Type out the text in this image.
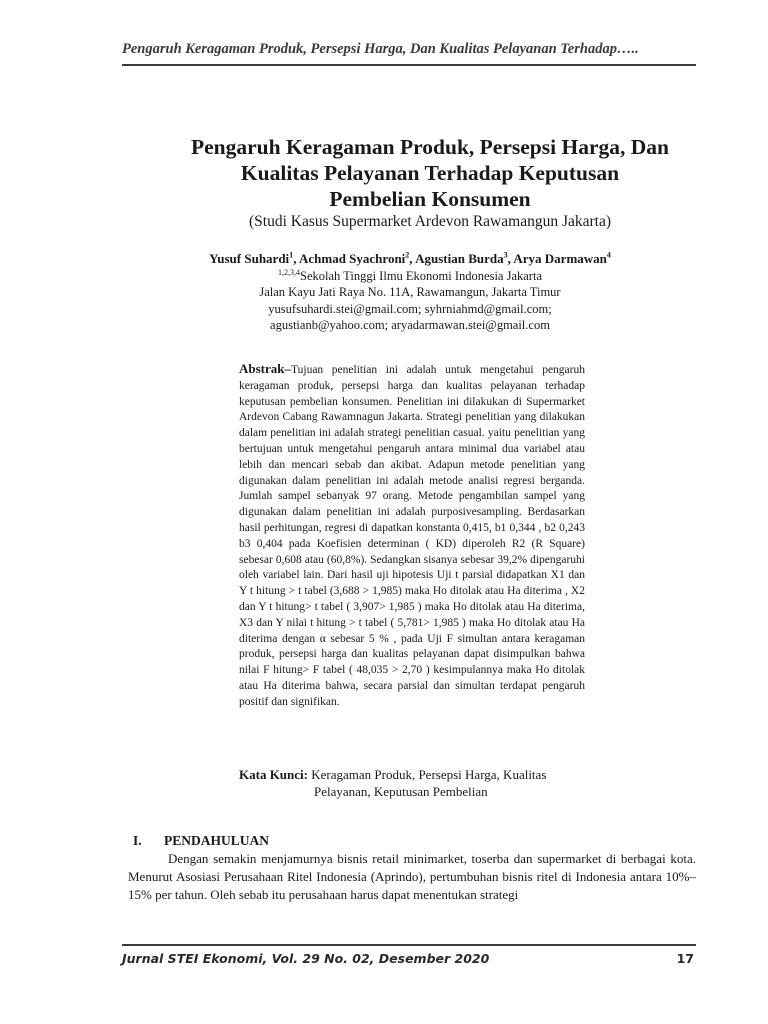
Pengaruh Keragaman Produk, Persepsi Harga, Dan Kualitas Pelayanan Terhadap…..
Pengaruh Keragaman Produk, Persepsi Harga, Dan
Kualitas Pelayanan Terhadap Keputusan
Pembelian Konsumen
(Studi Kasus Supermarket Ardevon Rawamangun Jakarta)
Yusuf Suhardi$^1$, Achmad Syachroni$^2$, Agustian Burda$^3$, Arya Darmawan$^4$
$^{1,2,3,4}$Sekolah Tinggi Ilmu Ekonomi Indonesia Jakarta
Jalan Kayu Jati Raya No. 11A, Rawamangun, Jakarta Timur
yusufsuhardi.stei@gmail.com; syhrniahmd@gmail.com;
agustianb@yahoo.com; aryadarmawan.stei@gmail.com
Abstrak–Tujuan penelitian ini adalah untuk mengetahui pengaruh keragaman produk, persepsi harga dan kualitas pelayanan terhadap keputusan pembelian konsumen. Penelitian ini dilakukan di Supermarket Ardevon Cabang Rawamnagun Jakarta. Strategi penelitian yang dilakukan dalam penelitian ini adalah strategi penelitian casual. yaitu penelitian yang bertujuan untuk mengetahui pengaruh antara minimal dua variabel atau lebih dan mencari sebab dan akibat. Adapun metode penelitian yang digunakan dalam penelitian ini adalah metode analisi regresi berganda. Jumlah sampel sebanyak 97 orang. Metode pengambilan sampel yang digunakan dalam penelitian ini adalah purposivesampling. Berdasarkan hasil perhitungan, regresi di dapatkan konstanta 0,415, b1 0,344 , b2 0,243 b3 0,404 pada Koefisien determinan ( KD) diperoleh R2 (R Square) sebesar 0,608 atau (60,8%). Sedangkan sisanya sebesar 39,2% dipengaruhi oleh variabel lain. Dari hasil uji hipotesis Uji t parsial didapatkan X1 dan Y t hitung > t tabel (3,688 > 1,985) maka Ho ditolak atau Ha diterima , X2 dan Y t hitung> t tabel ( 3,907> 1,985 ) maka Ho ditolak atau Ha diterima, X3 dan Y nilai t hitung > t tabel ( 5,781> 1,985 ) maka Ho ditolak atau Ha diterima dengan α sebesar 5 % , pada Uji F simultan antara keragaman produk, persepsi harga dan kualitas pelayanan dapat disimpulkan bahwa nilai F hitung> F tabel ( 48,035 > 2,70 ) kesimpulannya maka Ho ditolak atau Ha diterima bahwa, secara parsial dan simultan terdapat pengaruh positif dan signifikan.
Kata Kunci: Keragaman Produk, Persepsi Harga, Kualitas
Pelayanan, Keputusan Pembelian
I. PENDAHULUAN
Dengan semakin menjamurnya bisnis retail minimarket, toserba dan supermarket di berbagai kota. Menurut Asosiasi Perusahaan Ritel Indonesia (Aprindo), pertumbuhan bisnis ritel di Indonesia antara 10%–15% per tahun. Oleh sebab itu perusahaan harus dapat menentukan strategi
Jurnal STEI Ekonomi, Vol. 29 No. 02, Desember 2020	17
